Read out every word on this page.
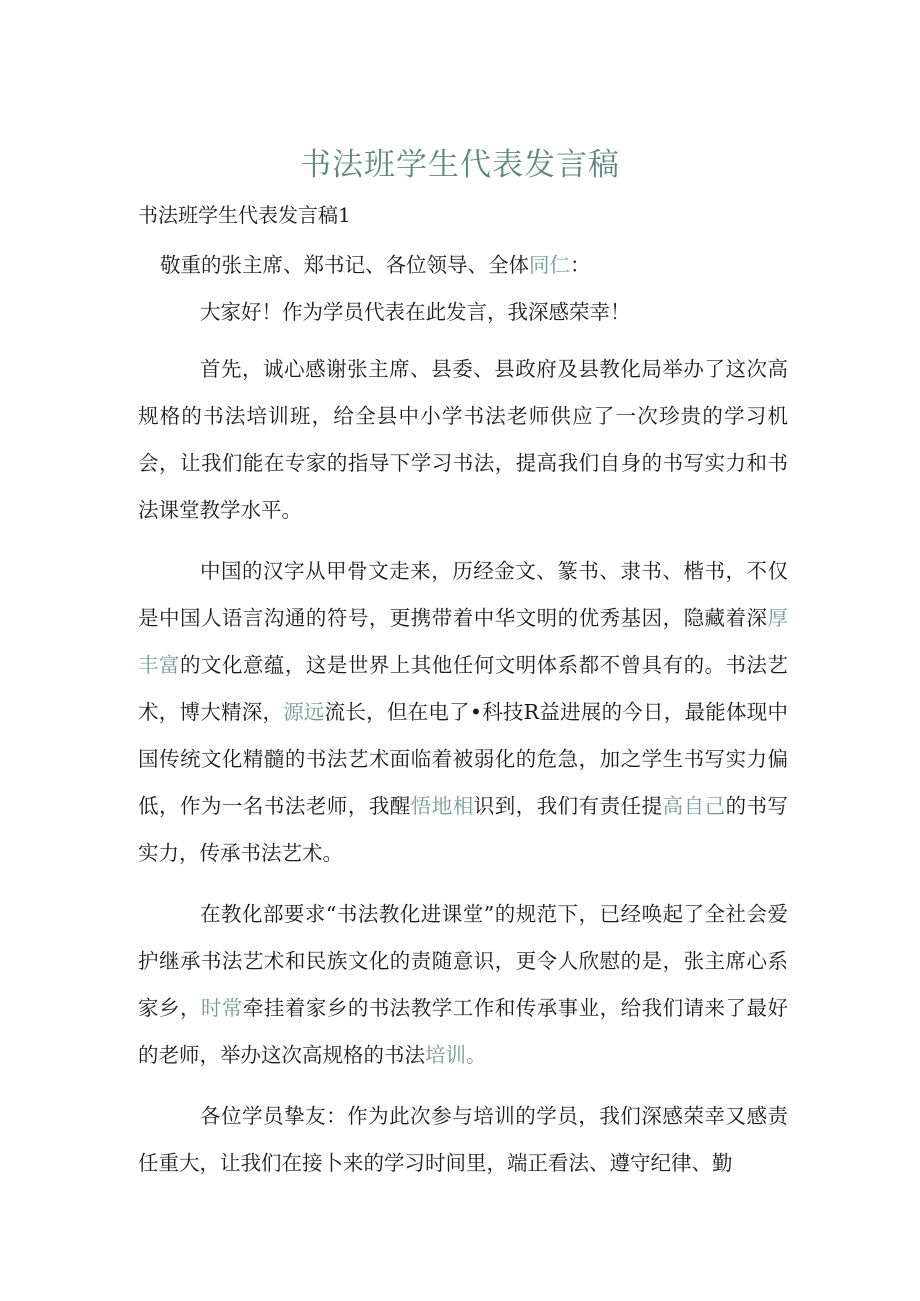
书法班学生代表发言稿

书法班学生代表发言稿1

敬重的张主席、郑书记、各位领导、全体同仁：

大家好！作为学员代表在此发言，我深感荣幸！

首先，诚心感谢张主席、县委、县政府及县教化局举办了这次高规格的书法培训班，给全县中小学书法老师供应了一次珍贵的学习机会，让我们能在专家的指导下学习书法，提高我们自身的书写实力和书法课堂教学水平。

中国的汉字从甲骨文走来，历经金文、篆书、隶书、楷书，不仅是中国人语言沟通的符号，更携带着中华文明的优秀基因，隐藏着深厚丰富的文化意蕴，这是世界上其他任何文明体系都不曾具有的。书法艺术，博大精深，源远流长，但在电了•科技R益进展的今日，最能体现中国传统文化精髓的书法艺术面临着被弱化的危急，加之学生书写实力偏低，作为一名书法老师，我醒悟地相识到，我们有责任提高自己的书写实力，传承书法艺术。

在教化部要求“书法教化进课堂”的规范下，已经唤起了全社会爱护继承书法艺术和民族文化的责随意识，更令人欣慰的是，张主席心系家乡，时常牵挂着家乡的书法教学工作和传承事业，给我们请来了最好的老师，举办这次高规格的书法培训。

各位学员挚友：作为此次参与培训的学员，我们深感荣幸又感责任重大，让我们在接卜来的学习时间里，端正看法、遵守纪律、勤
